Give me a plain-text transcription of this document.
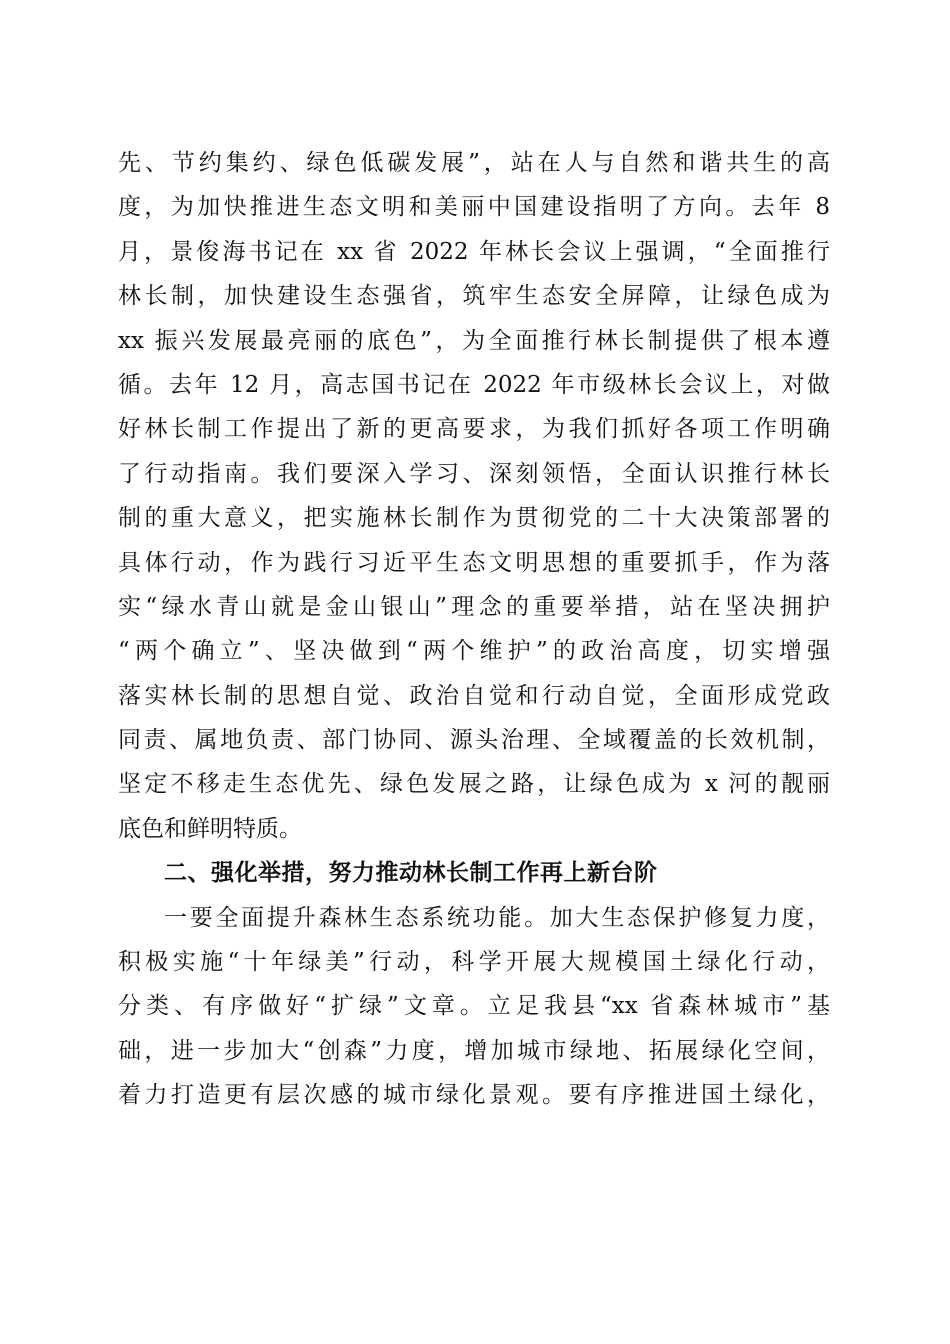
先、节约集约、绿色低碳发展”，站在人与自然和谐共生的高
度，为加快推进生态文明和美丽中国建设指明了方向。去年 8
月，景俊海书记在 xx 省 2022 年林长会议上强调，“全面推行
林长制，加快建设生态强省，筑牢生态安全屏障，让绿色成为
xx 振兴发展最亮丽的底色”，为全面推行林长制提供了根本遵
循。去年 12 月，高志国书记在 2022 年市级林长会议上，对做
好林长制工作提出了新的更高要求，为我们抓好各项工作明确
了行动指南。我们要深入学习、深刻领悟，全面认识推行林长
制的重大意义，把实施林长制作为贯彻党的二十大决策部署的
具体行动，作为践行习近平生态文明思想的重要抓手，作为落
实“绿水青山就是金山银山”理念的重要举措，站在坚决拥护
“两个确立”、坚决做到“两个维护”的政治高度，切实增强
落实林长制的思想自觉、政治自觉和行动自觉，全面形成党政
同责、属地负责、部门协同、源头治理、全域覆盖的长效机制，
坚定不移走生态优先、绿色发展之路，让绿色成为 x 河的靓丽
底色和鲜明特质。
二、强化举措，努力推动林长制工作再上新台阶
一要全面提升森林生态系统功能。加大生态保护修复力度，
积极实施“十年绿美”行动，科学开展大规模国土绿化行动，
分类、有序做好“扩绿”文章。立足我县“xx 省森林城市”基
础，进一步加大“创森”力度，增加城市绿地、拓展绿化空间，
着力打造更有层次感的城市绿化景观。要有序推进国土绿化，
